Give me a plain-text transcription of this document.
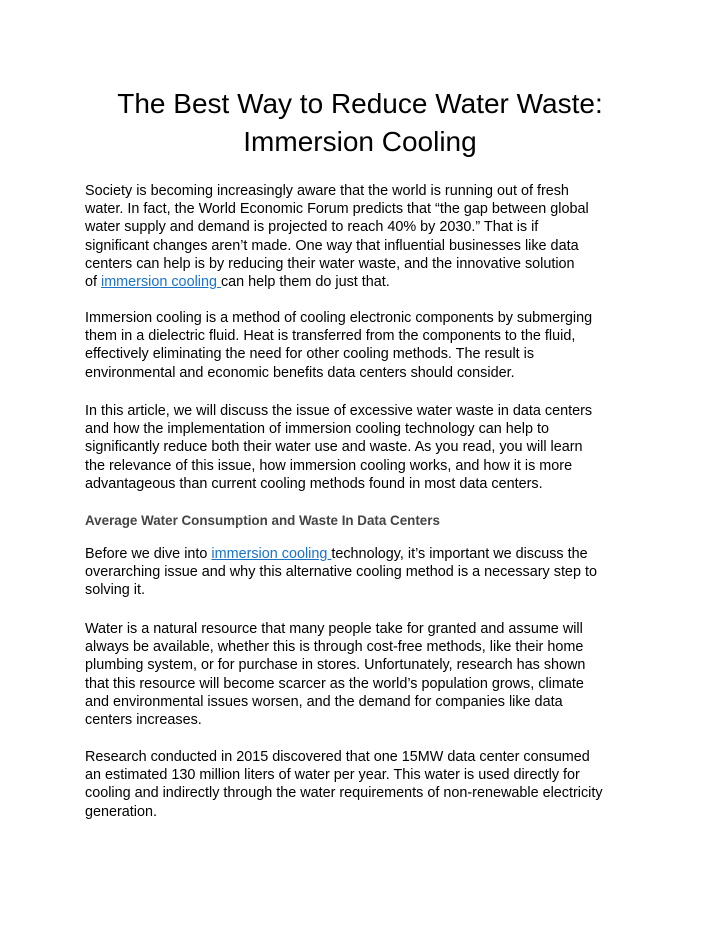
The Best Way to Reduce Water Waste:
Immersion Cooling
Society is becoming increasingly aware that the world is running out of fresh
water. In fact, the World Economic Forum predicts that “the gap between global
water supply and demand is projected to reach 40% by 2030.” That is if
significant changes aren’t made. One way that influential businesses like data
centers can help is by reducing their water waste, and the innovative solution
of immersion cooling can help them do just that.
Immersion cooling is a method of cooling electronic components by submerging
them in a dielectric fluid. Heat is transferred from the components to the fluid,
effectively eliminating the need for other cooling methods. The result is
environmental and economic benefits data centers should consider.
In this article, we will discuss the issue of excessive water waste in data centers
and how the implementation of immersion cooling technology can help to
significantly reduce both their water use and waste. As you read, you will learn
the relevance of this issue, how immersion cooling works, and how it is more
advantageous than current cooling methods found in most data centers.
Average Water Consumption and Waste In Data Centers
Before we dive into immersion cooling technology, it’s important we discuss the
overarching issue and why this alternative cooling method is a necessary step to
solving it.
Water is a natural resource that many people take for granted and assume will
always be available, whether this is through cost-free methods, like their home
plumbing system, or for purchase in stores. Unfortunately, research has shown
that this resource will become scarcer as the world’s population grows, climate
and environmental issues worsen, and the demand for companies like data
centers increases.
Research conducted in 2015 discovered that one 15MW data center consumed
an estimated 130 million liters of water per year. This water is used directly for
cooling and indirectly through the water requirements of non-renewable electricity
generation.
